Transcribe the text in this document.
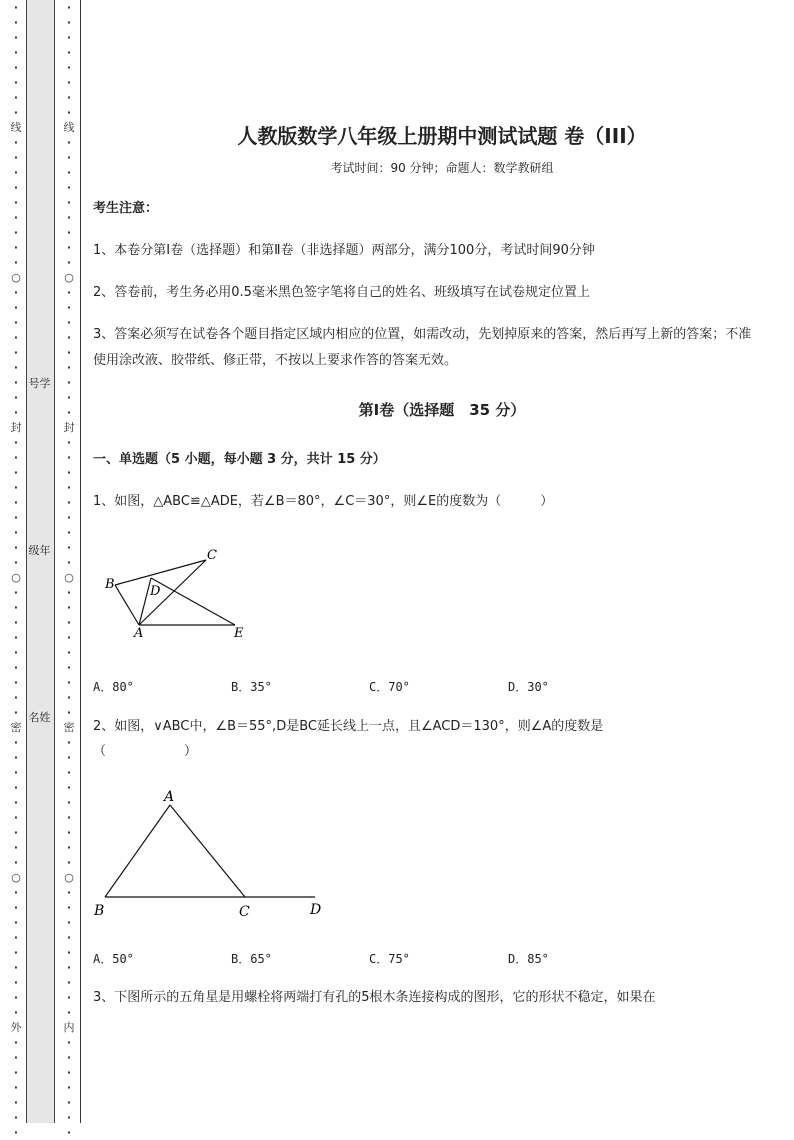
·
·
·
·
·
·
·
·
线
·
·
·
·
·
·
·
·
·
○
·
·
·
·
·
·
·
·
·
封
·
·
·
·
·
·
·
·
·
○
·
·
·
·
·
·
·
·
·
密
·
·
·
·
·
·
·
·
·
○
·
·
·
·
·
·
·
·
·
外
·
·
·
·
·
·
·
号学
级年
名姓
·
·
·
·
·
·
·
·
线
·
·
·
·
·
·
·
·
·
○
·
·
·
·
·
·
·
·
·
封
·
·
·
·
·
·
·
·
·
○
·
·
·
·
·
·
·
·
·
密
·
·
·
·
·
·
·
·
·
○
·
·
·
·
·
·
·
·
·
内
·
·
·
·
·
·
·
人教版数学八年级上册期中测试试题 卷（III）
考试时间：90 分钟；命题人：数学教研组
考生注意：
1、本卷分第Ⅰ卷（选择题）和第Ⅱ卷（非选择题）两部分，满分100分，考试时间90分钟
2、答卷前，考生务必用0.5毫米黑色签字笔将自己的姓名、班级填写在试卷规定位置上
3、答案必须写在试卷各个题目指定区域内相应的位置，如需改动，先划掉原来的答案，然后再写上新的答案；不准使用涂改液、胶带纸、修正带，不按以上要求作答的答案无效。
第Ⅰ卷（选择题　35 分）
一、单选题（5 小题，每小题 3 分，共计 15 分）
1、如图，△ABC≌△ADE，若∠B＝80°，∠C＝30°，则∠E的度数为（　　　）
B
C
D
A	E
A．80°	B．35°	C．70°	D．30°
2、如图，∨ABC中，∠B＝55°,D是BC延长线上一点，且∠ACD＝130°，则∠A的度数是
（　　　　　　）
A
B	C	D
A．50°	B．65°	C．75°	D．85°
3、下图所示的五角星是用螺栓将两端打有孔的5根木条连接构成的图形，它的形状不稳定，如果在
